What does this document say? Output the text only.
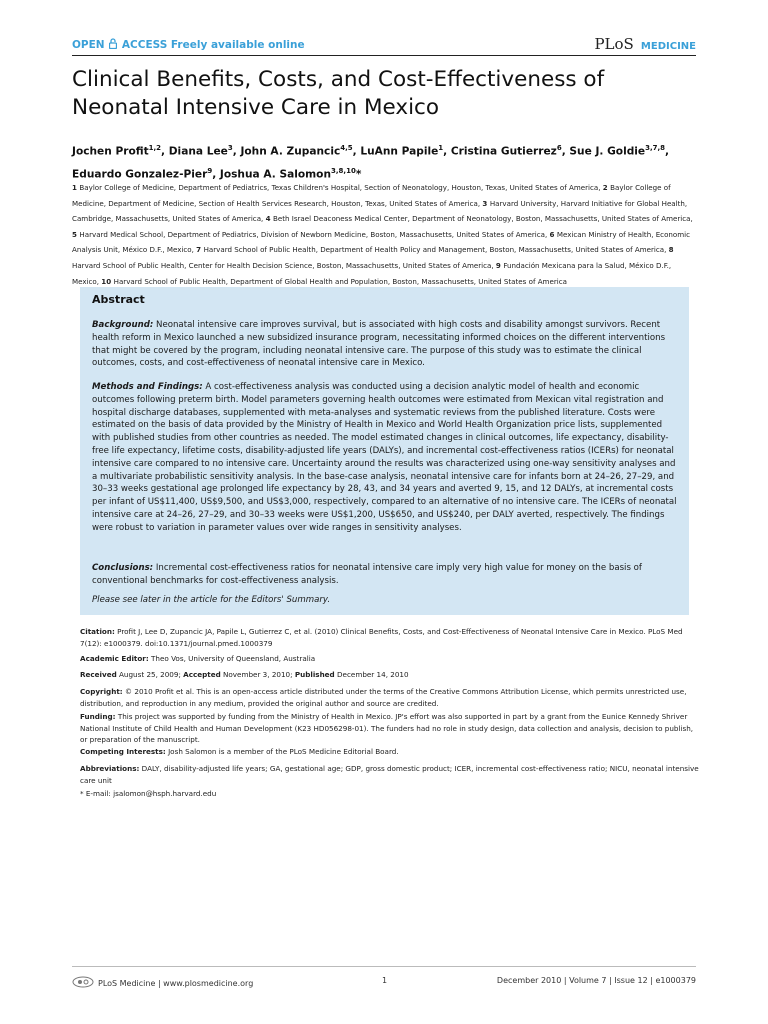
OPEN ACCESS Freely available online	PLoS MEDICINE
Clinical Benefits, Costs, and Cost-Effectiveness of Neonatal Intensive Care in Mexico
Jochen Profit$^{1,2}$, Diana Lee$^3$, John A. Zupancic$^{4,5}$, LuAnn Papile$^1$, Cristina Gutierrez$^6$, Sue J. Goldie$^{3,7,8}$, Eduardo Gonzalez-Pier$^9$, Joshua A. Salomon$^{3,8,10}$*
1 Baylor College of Medicine, Department of Pediatrics, Texas Children's Hospital, Section of Neonatology, Houston, Texas, United States of America, 2 Baylor College of Medicine, Department of Medicine, Section of Health Services Research, Houston, Texas, United States of America, 3 Harvard University, Harvard Initiative for Global Health, Cambridge, Massachusetts, United States of America, 4 Beth Israel Deaconess Medical Center, Department of Neonatology, Boston, Massachusetts, United States of America, 5 Harvard Medical School, Department of Pediatrics, Division of Newborn Medicine, Boston, Massachusetts, United States of America, 6 Mexican Ministry of Health, Economic Analysis Unit, México D.F., Mexico, 7 Harvard School of Public Health, Department of Health Policy and Management, Boston, Massachusetts, United States of America, 8 Harvard School of Public Health, Center for Health Decision Science, Boston, Massachusetts, United States of America, 9 Fundación Mexicana para la Salud, México D.F., Mexico, 10 Harvard School of Public Health, Department of Global Health and Population, Boston, Massachusetts, United States of America
Abstract

Background: Neonatal intensive care improves survival, but is associated with high costs and disability amongst survivors. Recent health reform in Mexico launched a new subsidized insurance program, necessitating informed choices on the different interventions that might be covered by the program, including neonatal intensive care. The purpose of this study was to estimate the clinical outcomes, costs, and cost-effectiveness of neonatal intensive care in Mexico.

Methods and Findings: A cost-effectiveness analysis was conducted using a decision analytic model of health and economic outcomes following preterm birth. Model parameters governing health outcomes were estimated from Mexican vital registration and hospital discharge databases, supplemented with meta-analyses and systematic reviews from the published literature. Costs were estimated on the basis of data provided by the Ministry of Health in Mexico and World Health Organization price lists, supplemented with published studies from other countries as needed. The model estimated changes in clinical outcomes, life expectancy, disability-free life expectancy, lifetime costs, disability-adjusted life years (DALYs), and incremental cost-effectiveness ratios (ICERs) for neonatal intensive care compared to no intensive care. Uncertainty around the results was characterized using one-way sensitivity analyses and a multivariate probabilistic sensitivity analysis. In the base-case analysis, neonatal intensive care for infants born at 24–26, 27–29, and 30–33 weeks gestational age prolonged life expectancy by 28, 43, and 34 years and averted 9, 15, and 12 DALYs, at incremental costs per infant of US$11,400, US$9,500, and US$3,000, respectively, compared to an alternative of no intensive care. The ICERs of neonatal intensive care at 24–26, 27–29, and 30–33 weeks were US$1,200, US$650, and US$240, per DALY averted, respectively. The findings were robust to variation in parameter values over wide ranges in sensitivity analyses.

Conclusions: Incremental cost-effectiveness ratios for neonatal intensive care imply very high value for money on the basis of conventional benchmarks for cost-effectiveness analysis.

Please see later in the article for the Editors' Summary.

Citation: Profit J, Lee D, Zupancic JA, Papile L, Gutierrez C, et al. (2010) Clinical Benefits, Costs, and Cost-Effectiveness of Neonatal Intensive Care in Mexico. PLoS Med 7(12): e1000379. doi:10.1371/journal.pmed.1000379

Academic Editor: Theo Vos, University of Queensland, Australia

Received August 25, 2009; Accepted November 3, 2010; Published December 14, 2010

Copyright: © 2010 Profit et al. This is an open-access article distributed under the terms of the Creative Commons Attribution License, which permits unrestricted use, distribution, and reproduction in any medium, provided the original author and source are credited.

Funding: This project was supported by funding from the Ministry of Health in Mexico. JP's effort was also supported in part by a grant from the Eunice Kennedy Shriver National Institute of Child Health and Human Development (K23 HD056298-01). The funders had no role in study design, data collection and analysis, decision to publish, or preparation of the manuscript.

Competing Interests: Josh Salomon is a member of the PLoS Medicine Editorial Board.

Abbreviations: DALY, disability-adjusted life years; GA, gestational age; GDP, gross domestic product; ICER, incremental cost-effectiveness ratio; NICU, neonatal intensive care unit

* E-mail: jsalomon@hsph.harvard.edu

PLoS Medicine | www.plosmedicine.org	1	December 2010 | Volume 7 | Issue 12 | e1000379
